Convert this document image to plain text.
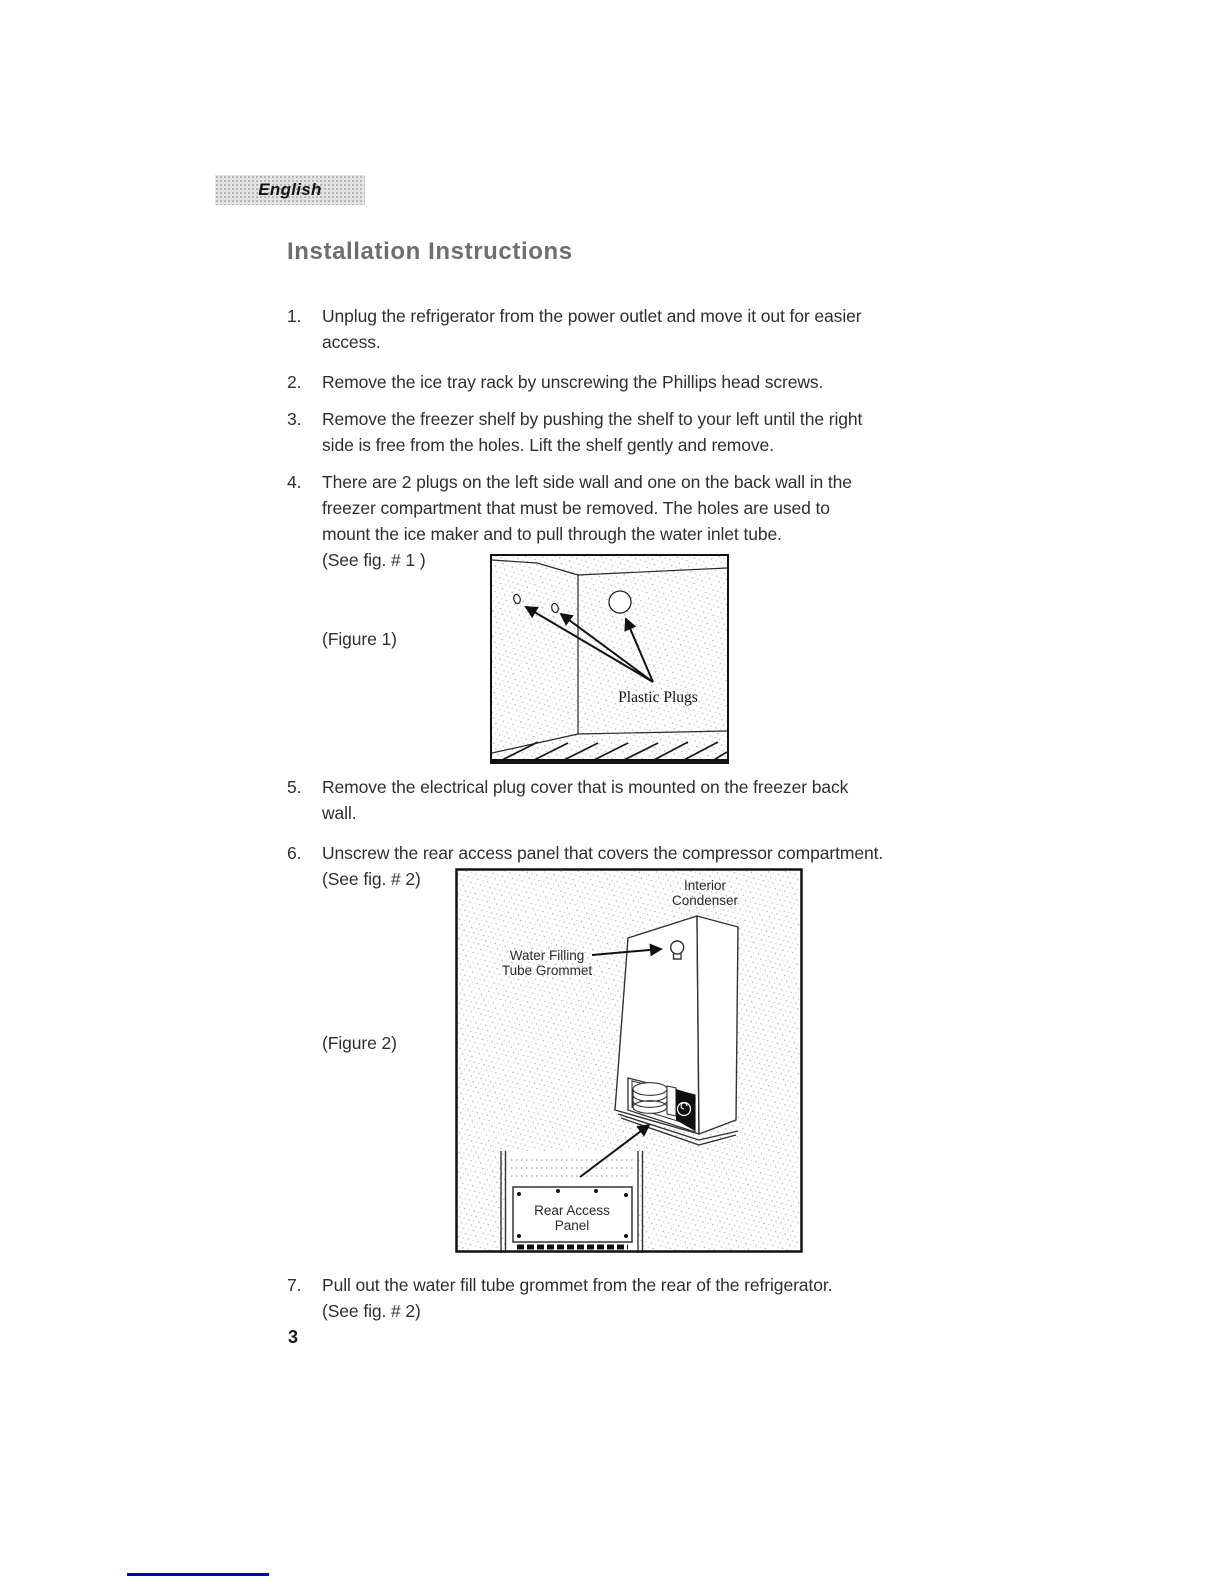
English
Installation Instructions
1.	Unplug the refrigerator from the power outlet and move it out for easier
access.
2.	Remove the ice tray rack by unscrewing the Phillips head screws.
3.	Remove the freezer shelf by pushing the shelf to your left until the right
side is free from the holes. Lift the shelf gently and remove.
4.	There are 2 plugs on the left side wall and one on the back wall in the
freezer compartment that must be removed. The holes are used to
mount the ice maker and to pull through the water inlet tube.
(See fig. # 1 )
(Figure 1)
Plastic Plugs
5.	Remove the electrical plug cover that is mounted on the freezer back
wall.
6.	Unscrew the rear access panel that covers the compressor compartment.
(See fig. # 2)
(Figure 2)
Rear Access
Panel
Interior
Condenser
Water Filling
Tube Grommet
7.	Pull out the water fill tube grommet from the rear of the refrigerator.
(See fig. # 2)
3
